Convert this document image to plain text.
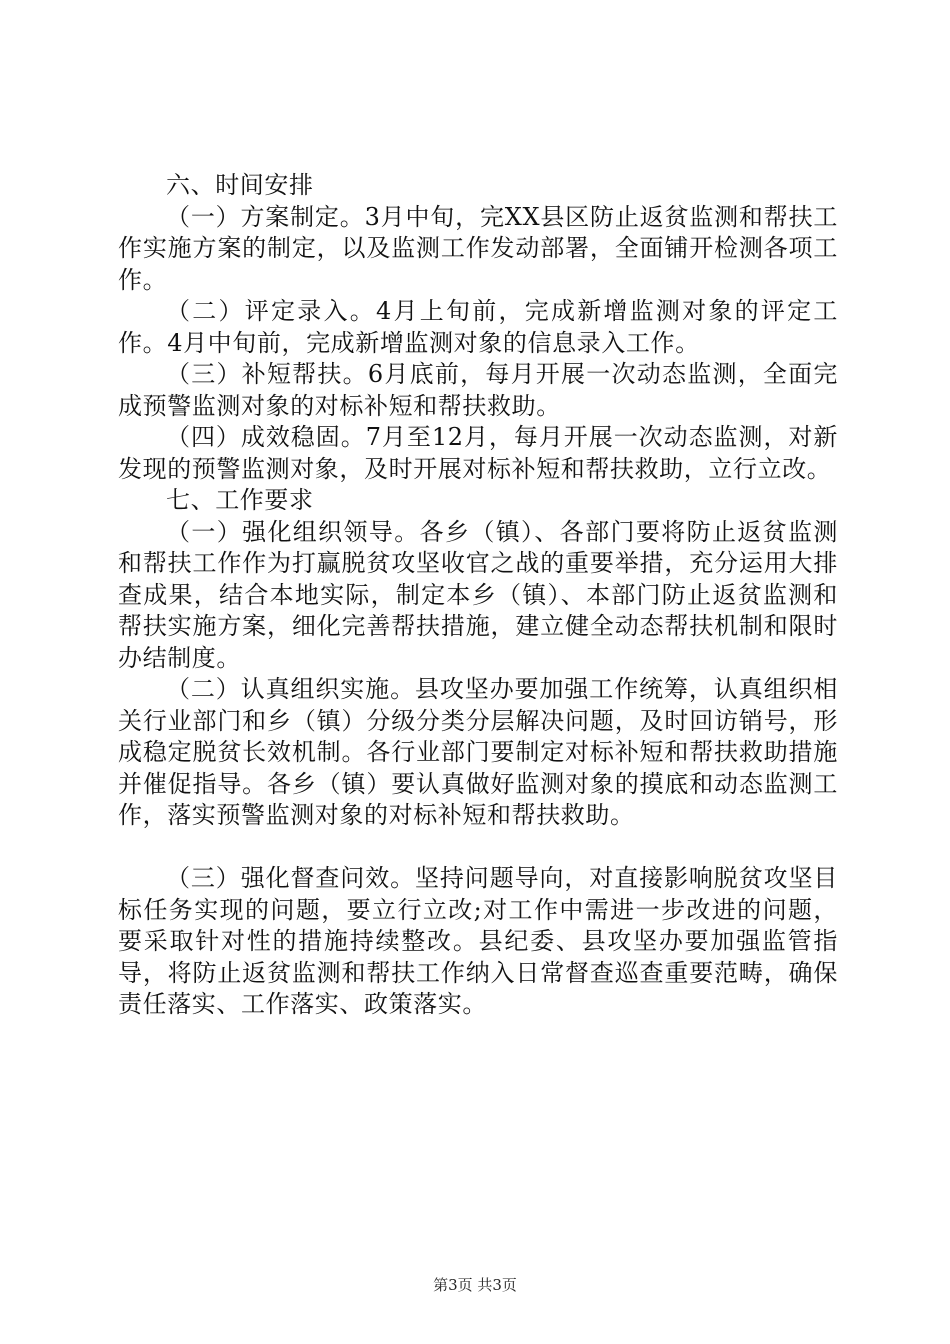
六、时间安排

（一）方案制定。3月中旬，完XX县区防止返贫监测和帮扶工作实施方案的制定，以及监测工作发动部署，全面铺开检测各项工作。

（二）评定录入。4月上旬前，完成新增监测对象的评定工作。4月中旬前，完成新增监测对象的信息录入工作。

（三）补短帮扶。6月底前，每月开展一次动态监测，全面完成预警监测对象的对标补短和帮扶救助。

（四）成效稳固。7月至12月，每月开展一次动态监测，对新发现的预警监测对象，及时开展对标补短和帮扶救助，立行立改。

七、工作要求

（一）强化组织领导。各乡（镇）、各部门要将防止返贫监测和帮扶工作作为打赢脱贫攻坚收官之战的重要举措，充分运用大排查成果，结合本地实际，制定本乡（镇）、本部门防止返贫监测和帮扶实施方案，细化完善帮扶措施，建立健全动态帮扶机制和限时办结制度。

（二）认真组织实施。县攻坚办要加强工作统筹，认真组织相关行业部门和乡（镇）分级分类分层解决问题，及时回访销号，形成稳定脱贫长效机制。各行业部门要制定对标补短和帮扶救助措施并催促指导。各乡（镇）要认真做好监测对象的摸底和动态监测工作，落实预警监测对象的对标补短和帮扶救助。

（三）强化督查问效。坚持问题导向，对直接影响脱贫攻坚目标任务实现的问题，要立行立改;对工作中需进一步改进的问题，要采取针对性的措施持续整改。县纪委、县攻坚办要加强监管指导，将防止返贫监测和帮扶工作纳入日常督查巡查重要范畴，确保责任落实、工作落实、政策落实。

第3页 共3页
